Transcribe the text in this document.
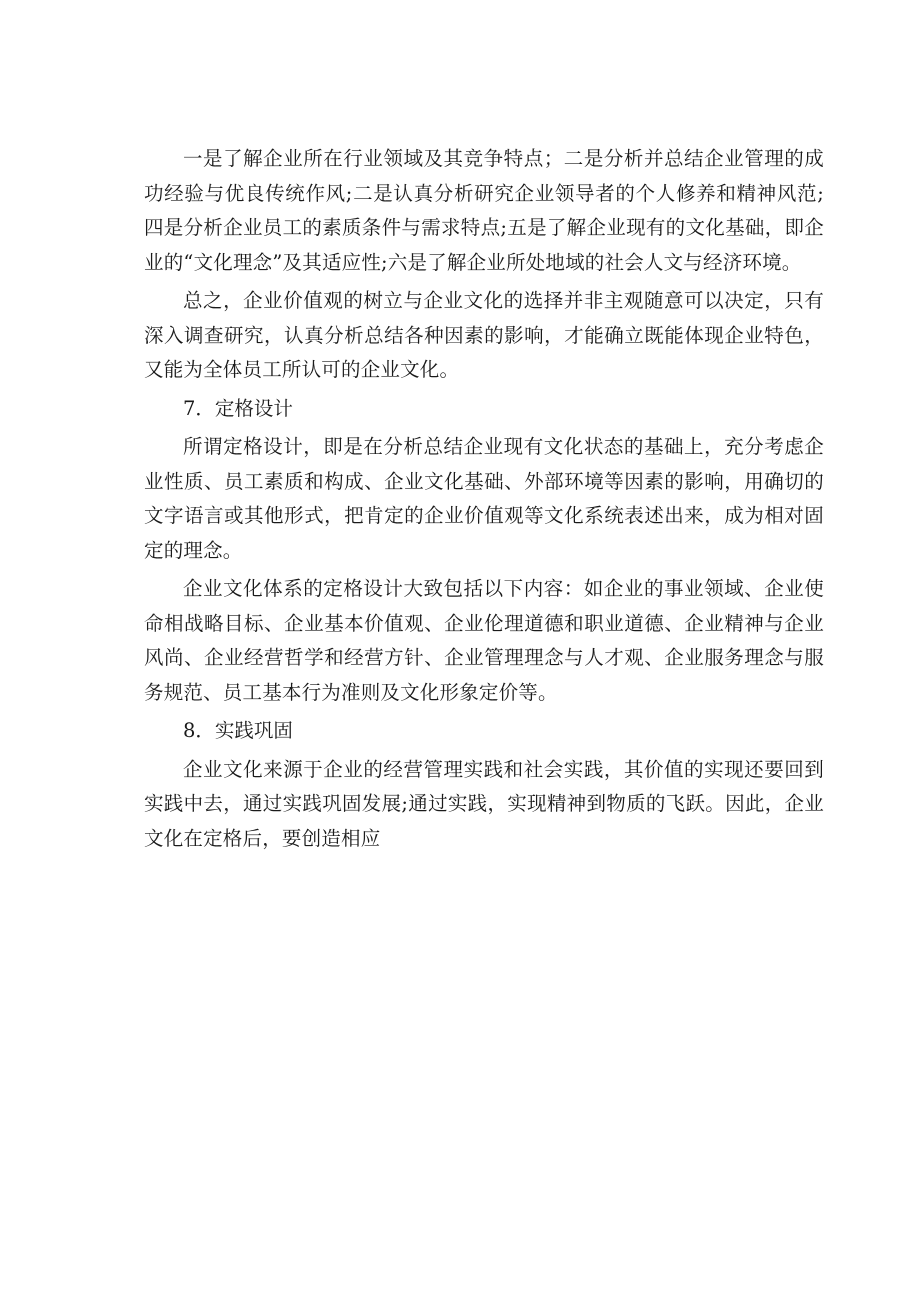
一是了解企业所在行业领域及其竞争特点；二是分析并总结企业管理的成功经验与优良传统作风;二是认真分析研究企业领导者的个人修养和精神风范;四是分析企业员工的素质条件与需求特点;五是了解企业现有的文化基础，即企业的“文化理念”及其适应性;六是了解企业所处地域的社会人文与经济环境。

总之，企业价值观的树立与企业文化的选择并非主观随意可以决定，只有深入调查研究，认真分析总结各种因素的影响，才能确立既能体现企业特色，又能为全体员工所认可的企业文化。

7．定格设计

所谓定格设计，即是在分析总结企业现有文化状态的基础上，充分考虑企业性质、员工素质和构成、企业文化基础、外部环境等因素的影响，用确切的文字语言或其他形式，把肯定的企业价值观等文化系统表述出来，成为相对固定的理念。

企业文化体系的定格设计大致包括以下内容：如企业的事业领域、企业使命相战略目标、企业基本价值观、企业伦理道德和职业道德、企业精神与企业风尚、企业经营哲学和经营方针、企业管理理念与人才观、企业服务理念与服务规范、员工基本行为准则及文化形象定价等。

8．实践巩固

企业文化来源于企业的经营管理实践和社会实践，其价值的实现还要回到实践中去，通过实践巩固发展;通过实践，实现精神到物质的飞跃。因此，企业文化在定格后，要创造相应
